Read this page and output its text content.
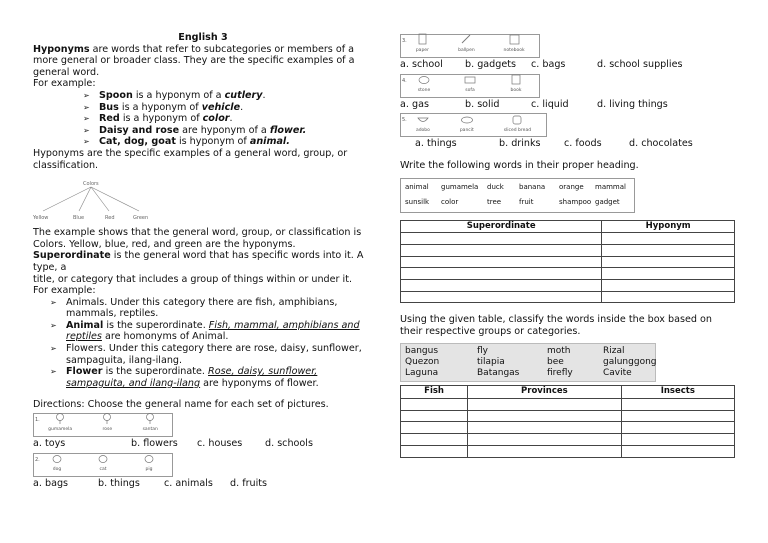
English 3

Hyponyms are words that refer to subcategories or members of a more general or broader class. They are the specific examples of a general word.

For example:

➢ Spoon is a hyponym of a cutlery.
➢ Bus is a hyponym of vehicle.
➢ Red is a hyponym of color.
➢ Daisy and rose are hyponym of a flower.
➢ Cat, dog, goat is hyponym of animal.

Hyponyms are the specific examples of a general word, group, or classification.

Colors
Yellow	Blue	Red	Green

The example shows that the general word, group, or classification is Colors. Yellow, blue, red, and green are the hyponyms.

Superordinate is the general word that has specific words into it. A type, a

title, or category that includes a group of things within or under it.

For example:

➢ Animals. Under this category there are fish, amphibians, mammals, reptiles.
➢ Animal is the superordinate. Fish, mammal, amphibians and reptiles are homonyms of Animal.
➢ Flowers. Under this category there are rose, daisy, sunflower, sampaguita, ilang-ilang.
➢ Flower is the superordinate. Rose, daisy, sunflower, sampaguita, and ilang-ilang are hyponyms of flower.

Directions: Choose the general name for each set of pictures.

1.
gumamela	rose	santan
a. toys	b. flowers	c. houses	d. schools
2.
dog	cat	pig
a. bags	b. things	c. animals	d. fruits
3.
paper	ballpen	notebook
a. school	b. gadgets	c. bags	d. school supplies
4.
stone	sofa	book
a. gas	b. solid	c. liquid	d. living things
5.
adobo	pancit	sliced bread
a. things	b. drinks	c. foods	d. chocolates

Write the following words in their proper heading.

animal	gumamela	duck	banana	orange	mammal
sunsilk	color	tree	fruit	shampoo gadget
Superordinate	Hyponym

Using the given table, classify the words inside the box based on their respective groups or categories.

bangus	fly	moth	Rizal
Quezon	tilapia	bee	galunggong
Laguna	Batangas	firefly	Cavite
Fish	Provinces	Insects
